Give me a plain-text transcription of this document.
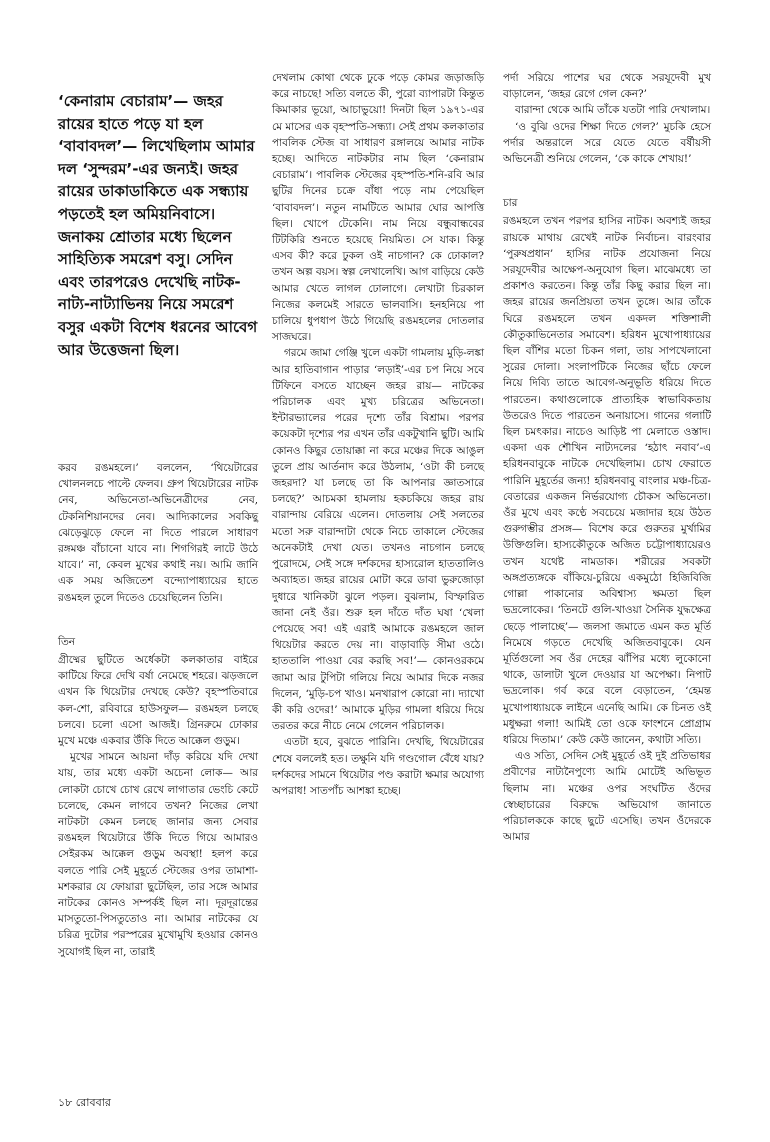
‘কেনারাম বেচারাম’— জহর রায়ের হাতে পড়ে যা হল ‘বাবাবদল’— লিখেছিলাম আমার দল ‘সুন্দরম’-এর জন্যই। জহর রায়ের ডাকাডাকিতে এক সন্ধ্যায় পড়তেই হল অমিয়নিবাসে। জনাকয় শ্রোতার মধ্যে ছিলেন সাহিত্যিক সমরেশ বসু। সেদিন এবং তারপরেও দেখেছি নাটক-নাট্য-নাট্যাভিনয় নিয়ে সমরেশ বসুর একটা বিশেষ ধরনের আবেগ আর উত্তেজনা ছিল।

করব রঙমহলে।’ বললেন, ‘থিয়েটারের খোলনলচে পাল্টে ফেলব। গ্রুপ থিয়েটারের নাটক নেব, অভিনেতা-অভিনেত্রীদের নেব, টেকনিশিয়ানদের নেব। আদ্যিকালের সবকিছু ঝেড়েঝুড়ে ফেলে না দিতে পারলে সাধারণ রঙ্গমঞ্চ বাঁচানো যাবে না। শিগগিরই লাটে উঠে যাবে।’ না, কেবল মুখের কথাই নয়। আমি জানি এক সময় অজিতেশ বন্দ্যোপাধ্যায়ের হাতে রঙমহল তুলে দিতেও চেয়েছিলেন তিনি।

তিন

গ্রীষ্মের ছুটিতে অর্ধেকটা কলকাতার বাইরে কাটিয়ে ফিরে দেখি বর্ষা নেমেছে শহরে। ঝড়জলে এখন কি থিয়েটার দেখছে কেউ? বৃহস্পতিবারে কল-শো, রবিবারে হাউসফুল— রঙমহল চলছে চলবে। চলো এসো আজই। গ্রিনরুমে ঢোকার মুখে মঞ্চে একবার উঁকি দিতে আক্কেল গুড়ুম।

মুখের সামনে আয়না দাঁড় করিয়ে যদি দেখা যায়, তার মধ্যে একটা অচেনা লোক— আর লোকটা চোখে চোখ রেখে লাগাতার ভেংচি কেটে চলেছে, কেমন লাগবে তখন? নিজের লেখা নাটকটা কেমন চলছে জানার জন্য সেবার রঙমহল থিয়েটারে উঁকি দিতে গিয়ে আমারও সেইরকম আক্কেল গুড়ুম অবস্থা! হলপ করে বলতে পারি সেই মুহূর্তে স্টেজের ওপর তামাশা-মশকরার যে ফোয়ারা ছুটেছিল, তার সঙ্গে আমার নাটকের কোনও সম্পর্কই ছিল না। দূরদূরান্তের মাসতুতো-পিসতুতোও না। আমার নাটকের যে চরিত্র দুটোর পরস্পরের মুখোমুখি হওয়ার কোনও সুযোগই ছিল না, তারাই

দেখলাম কোথা থেকে ঢুকে পড়ে কোমর জড়াজড়ি করে নাচছে! সত্যি বলতে কী, পুরো ব্যাপারটা কিন্তুত কিমাকার ভূয়ো, আচাভুয়ো! দিনটা ছিল ১৯৭১-এর মে মাসের এক বৃহস্পতি-সন্ধ্যা। সেই প্রথম কলকাতার পাবলিক স্টেজ বা সাধারণ রঙ্গালয়ে আমার নাটক হচ্ছে। আদিতে নাটকটার নাম ছিল ‘কেনারাম বেচারাম’। পাবলিক স্টেজের বৃহস্পতি-শনি-রবি আর ছুটির দিনের চক্রে বাঁধা পড়ে নাম পেয়েছিল ‘বাবাবদল’। নতুন নামটিতে আমার ঘোর আপত্তি ছিল। খোপে টেকেনি। নাম নিয়ে বন্ধুবান্ধবের টিটকিরি শুনতে হয়েছে নিয়মিত। সে যাক। কিন্তু এসব কী? করে ঢুকল ওই নাচগান? কে ঢোকাল? তখন অল্প বয়স। স্বল্প লেখালেখি। আগ বাড়িয়ে কেউ আমার খেতে লাগল ঢোলাগে। লেখাটা চিরকাল নিজের কলমেই সারতে ভালবাসি। হনহনিয়ে পা চালিয়ে ধুপধাপ উঠে গিয়েছি রঙমহলের দোতলার সাজঘরে।

গরমে জামা গেঞ্জি খুলে একটা গামলায় মুড়ি-লঙ্কা আর হাতিবাগান পাড়ার ‘লড়াই’-এর চপ নিয়ে সবে টিফিনে বসতে যাচ্ছেন জহর রায়— নাটকের পরিচালক এবং মুখ্য চরিত্রের অভিনেতা। ইন্টারভ্যালের পরের দৃশ্যে তাঁর বিশ্রাম। পরপর কয়েকটা দৃশ্যের পর এখন তাঁর একটুখানি ছুটি। আমি কোনও কিছুর তোয়াক্কা না করে মঞ্চের দিকে আঙুল তুলে প্রায় আর্তনাদ করে উঠলাম, ‘ওটা কী চলছে জহরদা? যা চলছে তা কি আপনার জ্ঞাতসারে চলছে?’ আচমকা হামলায় হকচকিয়ে জহর রায় বারান্দায় বেরিয়ে এলেন। দোতলায় সেই সলতের মতো সরু বারান্দাটা থেকে নিচে তাকালে স্টেজের অনেকটাই দেখা যেত। তখনও নাচগান চলছে পুরোদমে, সেই সঙ্গে দর্শকদের হাস্যরোল হাততালিও অব্যাহত। জহর রায়ের মোটা করে ডাবা ভুরুজোড়া দুধারে খানিকটা ঝুলে পড়ল। বুঝলাম, বিস্ফারিত জানা নেই ওঁর। শুরু হল দাঁতে দাঁত ঘষা ‘খেলা পেয়েছে সব! এই এরাই আমাকে রঙমহলে জাল থিয়েটার করতে দেয় না। বাড়াবাড়ি সীমা ওঠে। হাততালি পাওয়া বের করছি সব!’— কোনওরকমে জামা আর টুপিটা গলিয়ে নিয়ে আমার দিকে নজর দিলেন, ‘মুড়ি-চপ খাও। মনখারাপ কোরো না। দ্যাখো কী করি ওদের!’ আমাকে মুড়ির গামলা ধরিয়ে দিয়ে তরতর করে নীচে নেমে গেলেন পরিচালক।

এতটা হবে, বুঝতে পারিনি। দেখছি, থিয়েটারের শেষে বললেই হত। তক্ষুনি যদি গণ্ডগোল বেঁধে যায়? দর্শকদের সামনে থিয়েটার পণ্ড করাটা ক্ষমার অযোগ্য অপরাধ! সাতপাঁচ আশঙ্কা হচ্ছে।

পর্দা সরিয়ে পাশের ঘর থেকে সরযূদেবী মুখ বাড়ালেন, ‘জহর রেগে গেল কেন?’

বারান্দা থেকে আমি তাঁকে যতটা পারি দেখালাম।

‘ও বুঝি ওদের শিক্ষা দিতে গেল?’ মুচকি হেসে পর্দার অন্তরালে সরে যেতে যেতে বর্ষীয়সী অভিনেত্রী শুনিয়ে গেলেন, ‘কে কাকে শেখায়!’

চার

রঙমহলে তখন পরপর হাসির নাটক। অবশ্যই জহর রায়কে মাথায় রেখেই নাটক নির্বাচন। বারংবার ‘পুরুষপ্রধান’ হাসির নাটক প্রযোজনা নিয়ে সরযূদেবীর আক্ষেপ-অনুযোগ ছিল। মাঝেমধ্যে তা প্রকাশও করতেন। কিন্তু তাঁর কিছু করার ছিল না। জহর রায়ের জনপ্রিয়তা তখন তুঙ্গে। আর তাঁকে ঘিরে রঙমহলে তখন একদল শক্তিশালী কৌতুকাভিনেতার সমাবেশ। হরিধন মুখোপাধ্যায়ের ছিল বাঁশির মতো চিকন গলা, তায় সাপখেলানো সুরের দোলা। সংলাপটিকে নিজের ছাঁচে ফেলে নিয়ে দিব্যি তাতে আবেগ-অনুভূতি ধরিয়ে দিতে পারতেন। কথাগুলোকে প্রাত্যহিক স্বাভাবিকতায় উতরেও দিতে পারতেন অনায়াসে। গানের গলাটি ছিল চমৎকার। নাচেও আড়িষ্ট পা মেলাতে ওস্তাদ। একদা এক শৌখিন নাট্যদলের ‘হঠাৎ নবাব’-এ হরিধনবাবুকে নাটকে দেখেছিলাম। চোখ ফেরাতে পারিনি মুহূর্তের জন্য! হরিধনবাবু বাংলার মঞ্চ-চিত্র-বেতারের একজন নির্ভরযোগ্য চৌকস অভিনেতা। ওঁর মুখে এবং কণ্ঠে সবচেয়ে মজাদার হয়ে উঠত গুরুগম্ভীর প্রসঙ্গ— বিশেষ করে গুরুতর মুর্খামির উক্তিগুলি। হাস্যকৌতুকে অজিত চট্টোপাধ্যায়েরও তখন যথেষ্ট নামডাক। শরীরের সবকটা অঙ্গপ্রত্যঙ্গকে বাঁকিয়ে-চুরিয়ে একমুঠো হিজিবিজি গোল্লা পাকানোর অবিশ্বাস্য ক্ষমতা ছিল ভদ্রলোকের। ‘তিনটে গুলি-খাওয়া সৈনিক যুদ্ধক্ষেত্র ছেড়ে পালাচ্ছে’— জলসা জমাতে এমন কত মূর্তি নিমেষে গড়তে দেখেছি অজিতবাবুকে। যেন মূর্তিগুলো সব ওঁর দেহের ঝাঁপির মধ্যে লুকোনো থাকে, ডালাটা খুলে দেওয়ার যা অপেক্ষা। নিপাট ভদ্রলোক। গর্ব করে বলে বেড়াতেন, ‘হেমন্ত মুখোপাধ্যায়কে লাইনে এনেছি আমি। কে চিনত ওই মধুক্ষরা গলা! আমিই তো ওকে ফাংশনে প্রোগ্রাম ধরিয়ে দিতাম।’ কেউ কেউ জানেন, কথাটা সত্যি।

এও সত্যি, সেদিন সেই মুহূর্তে ওই দুই প্রতিভাধর প্রবীণের নাট্যনৈপুণ্যে আমি মোটেই অভিভূত ছিলাম না। মঞ্চের ওপর সংঘটিত ওঁদের স্বেচ্ছাচারের বিরুদ্ধে অভিযোগ জানাতে পরিচালককে কাছে ছুটে এসেছি। তখন ওঁদেরকে আমার

১৮ রোববার
